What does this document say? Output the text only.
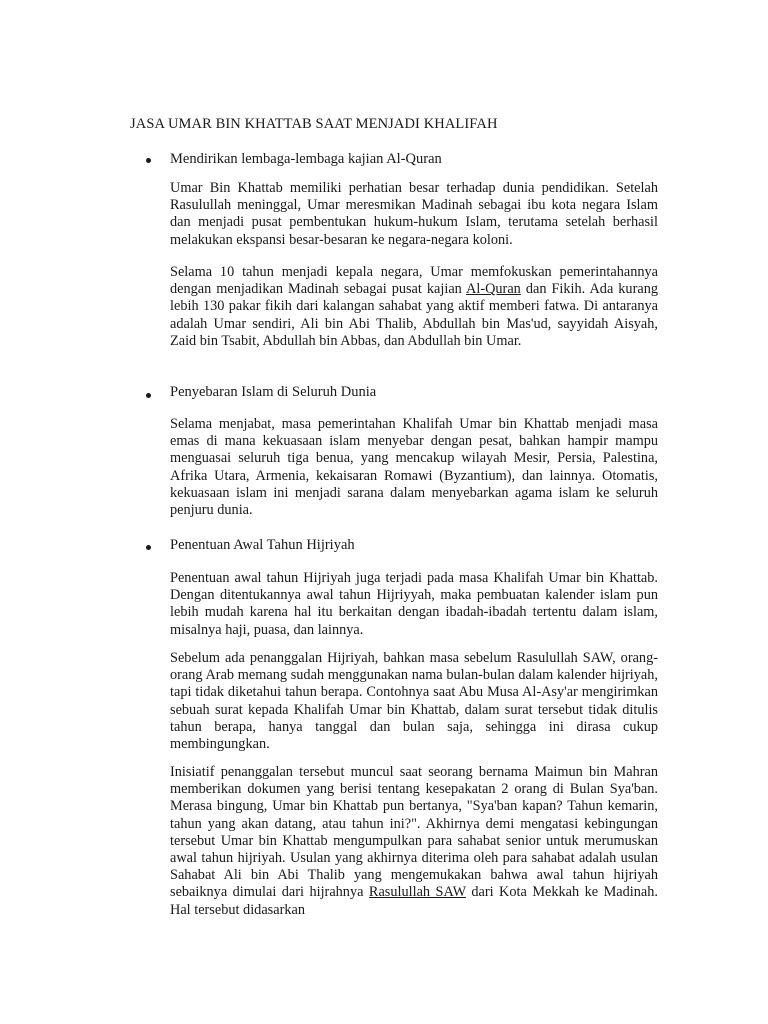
JASA UMAR BIN KHATTAB SAAT MENJADI KHALIFAH
Mendirikan lembaga-lembaga kajian Al-Quran

Umar Bin Khattab memiliki perhatian besar terhadap dunia pendidikan. Setelah Rasulullah meninggal, Umar meresmikan Madinah sebagai ibu kota negara Islam dan menjadi pusat pembentukan hukum-hukum Islam, terutama setelah berhasil melakukan ekspansi besar-besaran ke negara-negara koloni.

Selama 10 tahun menjadi kepala negara, Umar memfokuskan pemerintahannya dengan menjadikan Madinah sebagai pusat kajian Al-Quran dan Fikih. Ada kurang lebih 130 pakar fikih dari kalangan sahabat yang aktif memberi fatwa. Di antaranya adalah Umar sendiri, Ali bin Abi Thalib, Abdullah bin Mas'ud, sayyidah Aisyah, Zaid bin Tsabit, Abdullah bin Abbas, dan Abdullah bin Umar.

Penyebaran Islam di Seluruh Dunia

Selama menjabat, masa pemerintahan Khalifah Umar bin Khattab menjadi masa emas di mana kekuasaan islam menyebar dengan pesat, bahkan hampir mampu menguasai seluruh tiga benua, yang mencakup wilayah Mesir, Persia, Palestina, Afrika Utara, Armenia, kekaisaran Romawi (Byzantium), dan lainnya. Otomatis, kekuasaan islam ini menjadi sarana dalam menyebarkan agama islam ke seluruh penjuru dunia.

Penentuan Awal Tahun Hijriyah

Penentuan awal tahun Hijriyah juga terjadi pada masa Khalifah Umar bin Khattab. Dengan ditentukannya awal tahun Hijriyyah, maka pembuatan kalender islam pun lebih mudah karena hal itu berkaitan dengan ibadah-ibadah tertentu dalam islam, misalnya haji, puasa, dan lainnya.

Sebelum ada penanggalan Hijriyah, bahkan masa sebelum Rasulullah SAW, orang-orang Arab memang sudah menggunakan nama bulan-bulan dalam kalender hijriyah, tapi tidak diketahui tahun berapa. Contohnya saat Abu Musa Al-Asy'ar mengirimkan sebuah surat kepada Khalifah Umar bin Khattab, dalam surat tersebut tidak ditulis tahun berapa, hanya tanggal dan bulan saja, sehingga ini dirasa cukup membingungkan.

Inisiatif penanggalan tersebut muncul saat seorang bernama Maimun bin Mahran memberikan dokumen yang berisi tentang kesepakatan 2 orang di Bulan Sya'ban. Merasa bingung, Umar bin Khattab pun bertanya, "Sya'ban kapan? Tahun kemarin, tahun yang akan datang, atau tahun ini?". Akhirnya demi mengatasi kebingungan tersebut Umar bin Khattab mengumpulkan para sahabat senior untuk merumuskan awal tahun hijriyah. Usulan yang akhirnya diterima oleh para sahabat adalah usulan Sahabat Ali bin Abi Thalib yang mengemukakan bahwa awal tahun hijriyah sebaiknya dimulai dari hijrahnya Rasulullah SAW dari Kota Mekkah ke Madinah. Hal tersebut didasarkan
